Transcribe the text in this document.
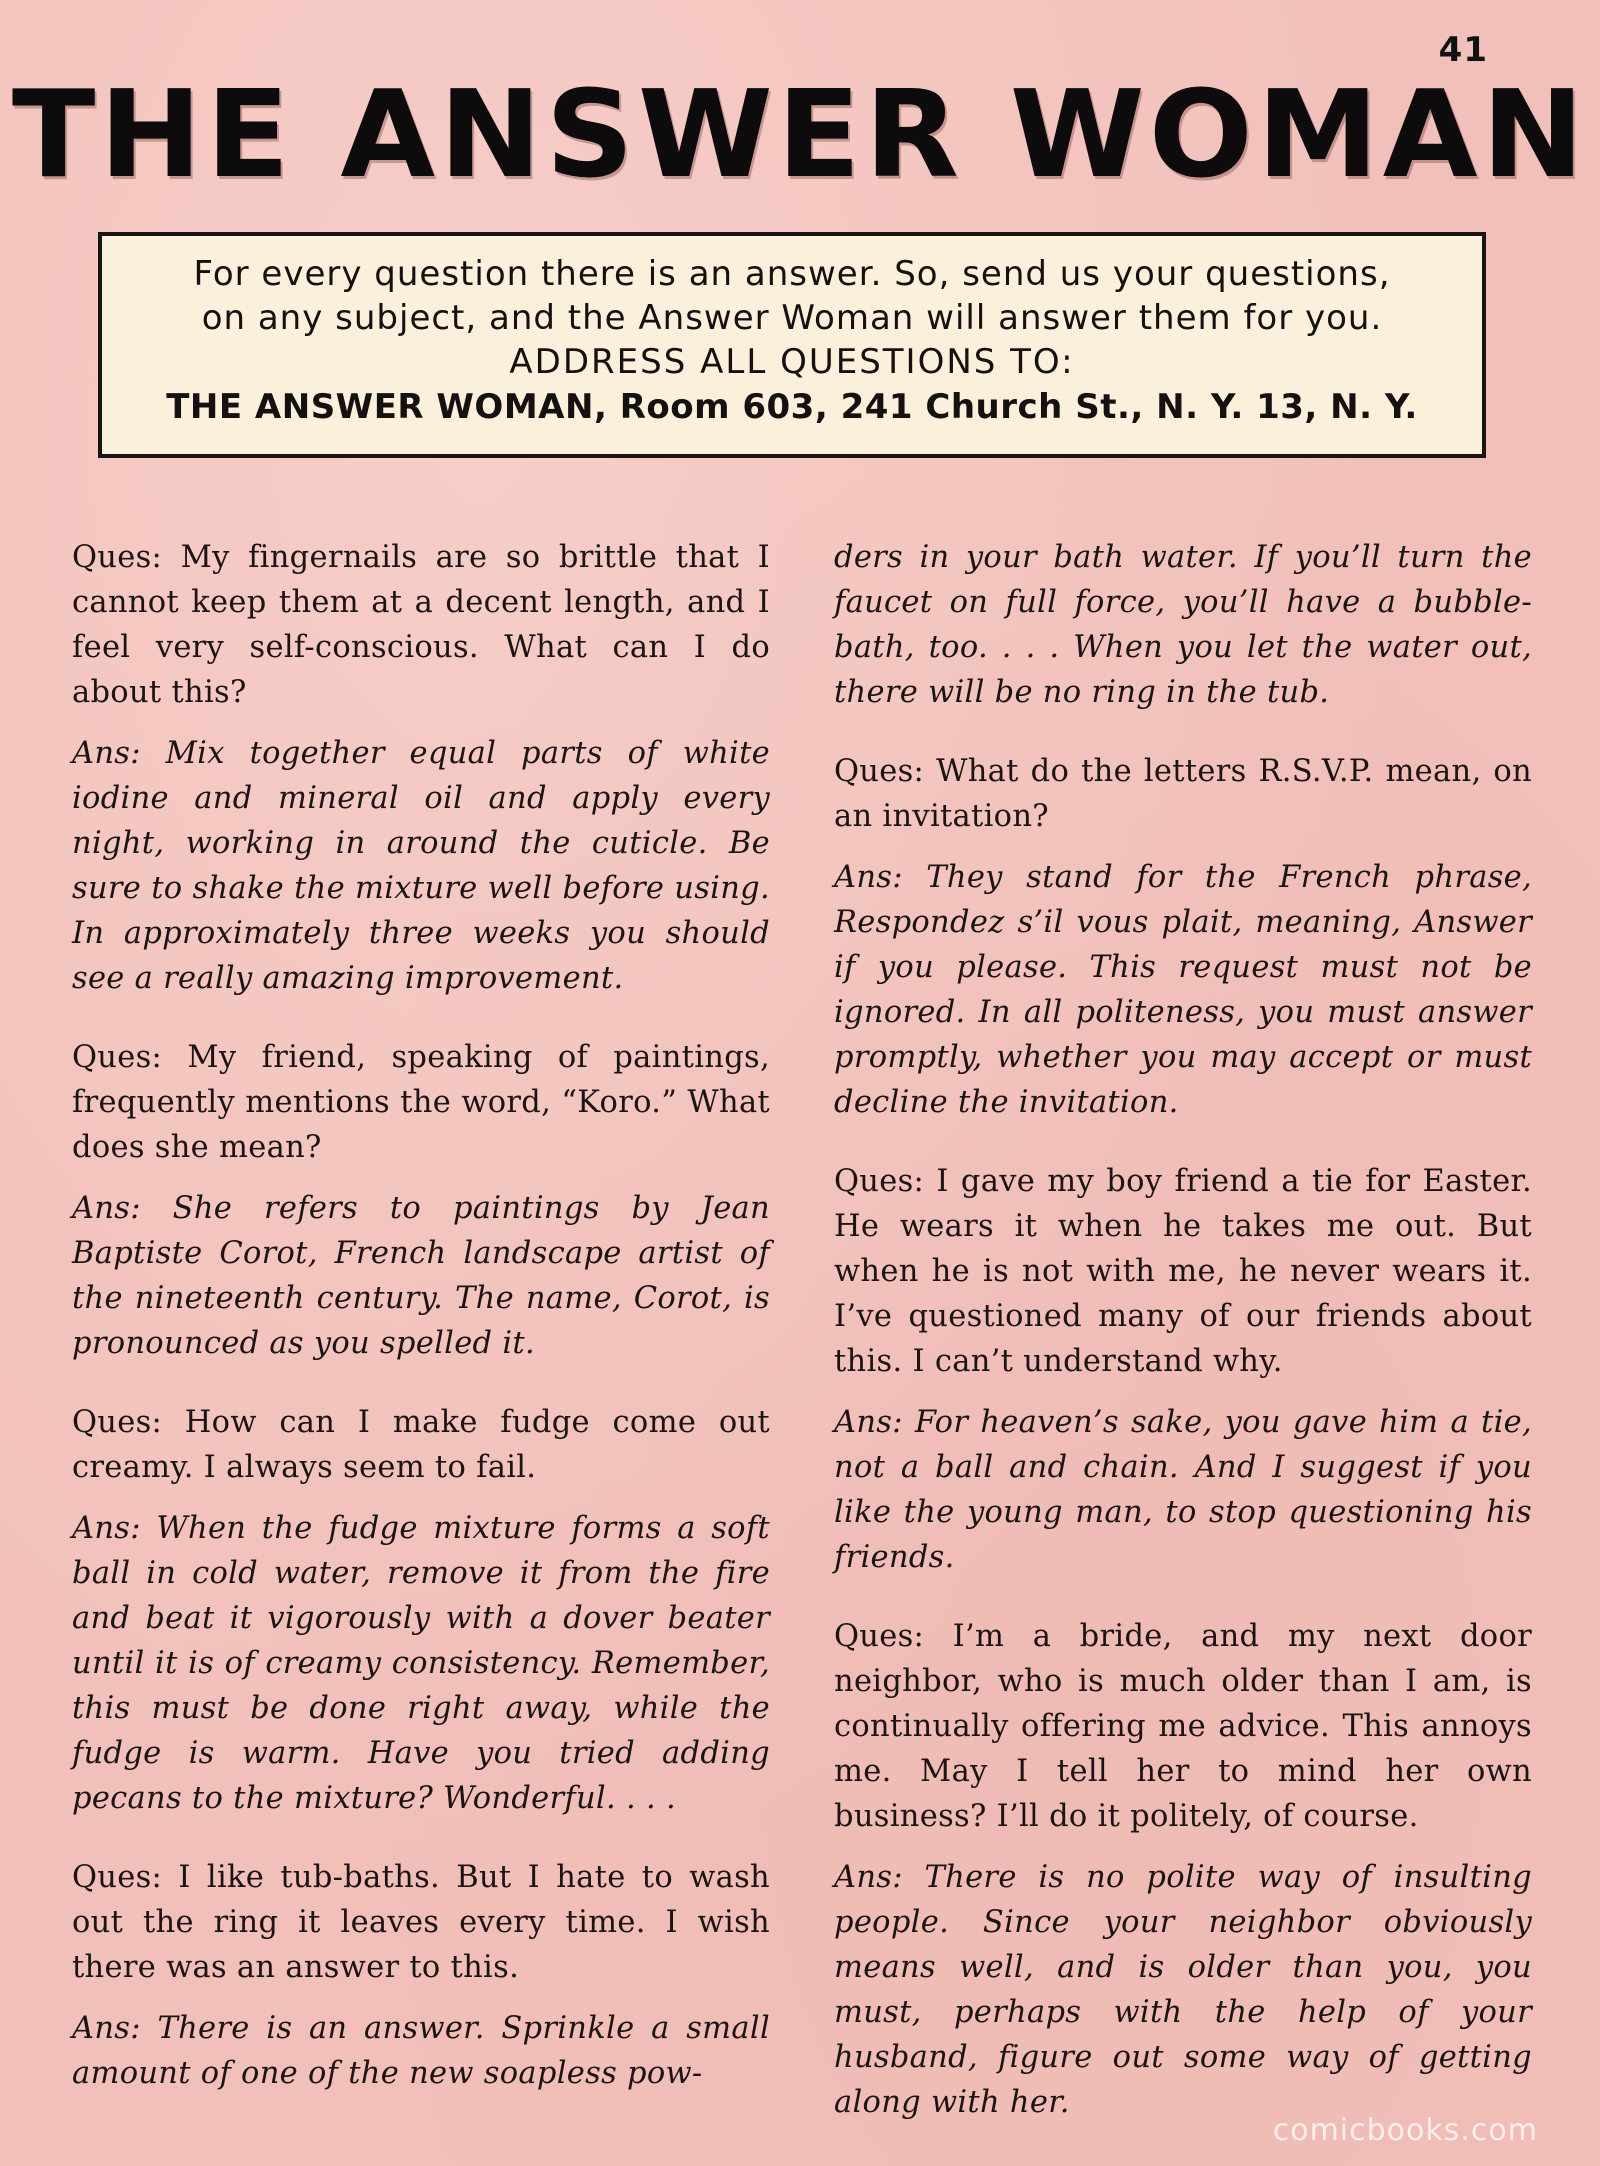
41
THE ANSWER WOMAN
For every question there is an answer. So, send us your questions,
on any subject, and the Answer Woman will answer them for you.
ADDRESS ALL QUESTIONS TO:
THE ANSWER WOMAN, Room 603, 241 Church St., N. Y. 13, N. Y.

Ques: My fingernails are so brittle that I cannot keep them at a decent length, and I feel very self-conscious. What can I do about this?

Ans: Mix together equal parts of white iodine and mineral oil and apply every night, working in around the cuticle. Be sure to shake the mixture well before using. In approximately three weeks you should see a really amazing improvement.

Ques: My friend, speaking of paintings, frequently mentions the word, “Koro.” What does she mean?

Ans: She refers to paintings by Jean Baptiste Corot, French landscape artist of the nineteenth century. The name, Corot, is pronounced as you spelled it.

Ques: How can I make fudge come out creamy. I always seem to fail.

Ans: When the fudge mixture forms a soft ball in cold water, remove it from the fire and beat it vigorously with a dover beater until it is of creamy consistency. Remember, this must be done right away, while the fudge is warm. Have you tried adding pecans to the mixture? Wonderful. . . .

Ques: I like tub-baths. But I hate to wash out the ring it leaves every time. I wish there was an answer to this.

Ans: There is an answer. Sprinkle a small amount of one of the new soapless pow-

ders in your bath water. If you’ll turn the faucet on full force, you’ll have a bubble-bath, too. . . . When you let the water out, there will be no ring in the tub.

Ques: What do the letters R.S.V.P. mean, on an invitation?

Ans: They stand for the French phrase, Respondez s’il vous plait, meaning, Answer if you please. This request must not be ignored. In all politeness, you must answer promptly, whether you may accept or must decline the invitation.

Ques: I gave my boy friend a tie for Easter. He wears it when he takes me out. But when he is not with me, he never wears it. I’ve questioned many of our friends about this. I can’t understand why.

Ans: For heaven’s sake, you gave him a tie, not a ball and chain. And I suggest if you like the young man, to stop questioning his friends.

Ques: I’m a bride, and my next door neighbor, who is much older than I am, is continually offering me advice. This annoys me. May I tell her to mind her own business? I’ll do it politely, of course.

Ans: There is no polite way of insulting people. Since your neighbor obviously means well, and is older than you, you must, perhaps with the help of your husband, figure out some way of getting along with her.

comicbooks.com
